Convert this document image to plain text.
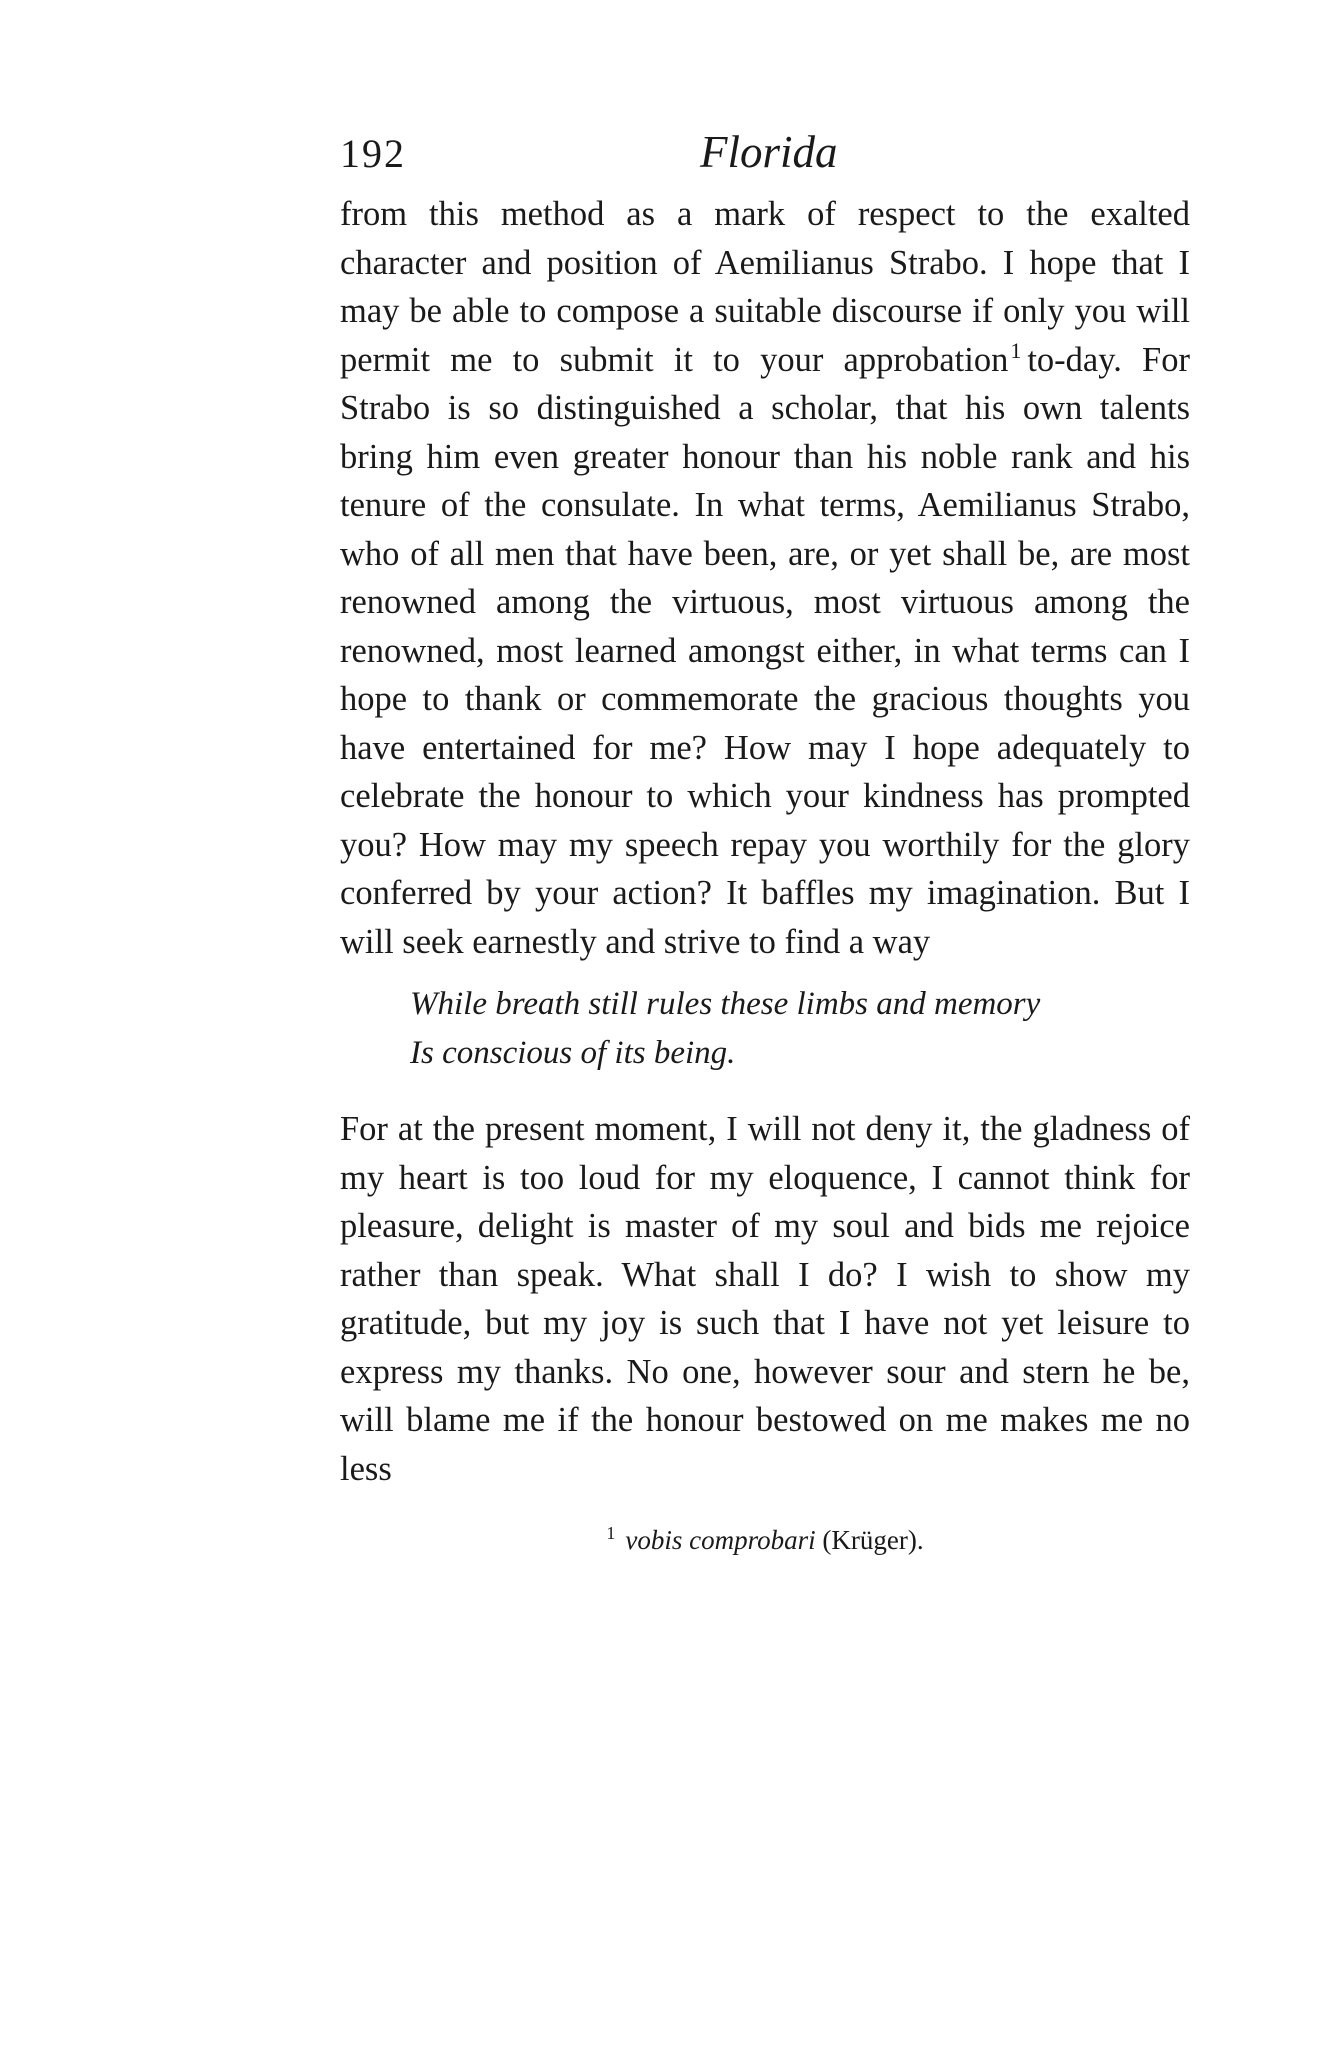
192	Florida

from this method as a mark of respect to the exalted character and position of Aemilianus Strabo. I hope that I may be able to compose a suitable discourse if only you will permit me to submit it to your approbation$^1$ to-day. For Strabo is so distinguished a scholar, that his own talents bring him even greater honour than his noble rank and his tenure of the consulate. In what terms, Aemilianus Strabo, who of all men that have been, are, or yet shall be, are most renowned among the virtuous, most virtuous among the renowned, most learned amongst either, in what terms can I hope to thank or commemorate the gracious thoughts you have entertained for me? How may I hope adequately to celebrate the honour to which your kindness has prompted you? How may my speech repay you worthily for the glory conferred by your action? It baffles my imagination. But I will seek earnestly and strive to find a way

While breath still rules these limbs and memory
Is conscious of its being.

For at the present moment, I will not deny it, the gladness of my heart is too loud for my eloquence, I cannot think for pleasure, delight is master of my soul and bids me rejoice rather than speak. What shall I do? I wish to show my gratitude, but my joy is such that I have not yet leisure to express my thanks. No one, however sour and stern he be, will blame me if the honour bestowed on me makes me no less

$^1$ vobis comprobari (Krüger).
